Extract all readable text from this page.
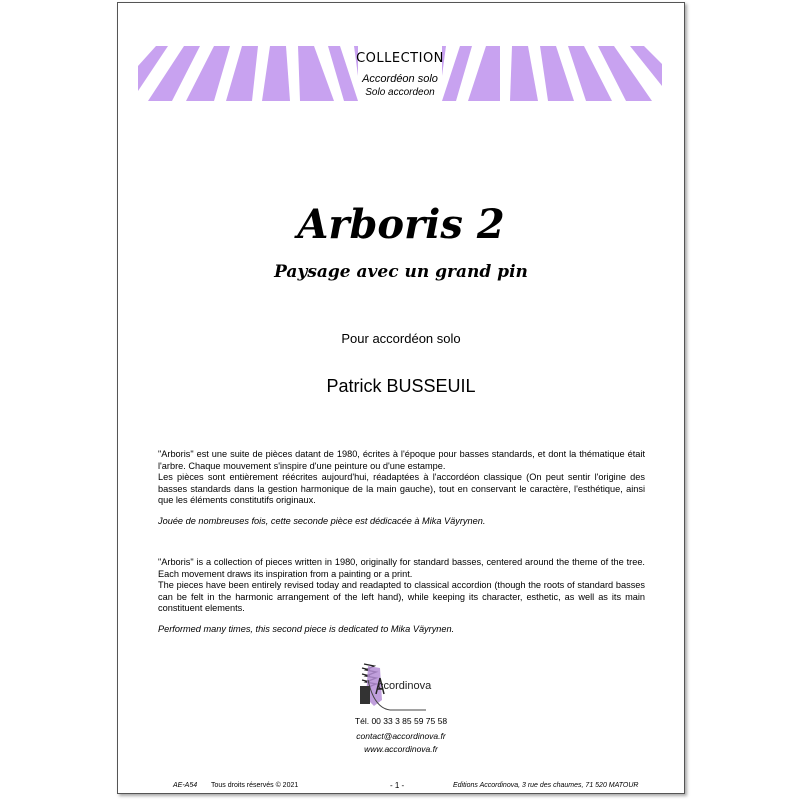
COLLECTION
Accordéon solo
Solo accordeon
Arboris 2
Paysage avec un grand pin
Pour accordéon solo
Patrick BUSSEUIL

"Arboris" est une suite de pièces datant de 1980, écrites à l'époque pour basses standards, et dont la thématique était l'arbre. Chaque mouvement s'inspire d'une peinture ou d'une estampe.

Les pièces sont entièrement réécrites aujourd'hui, réadaptées à l'accordéon classique (On peut sentir l'origine des basses standards dans la gestion harmonique de la main gauche), tout en conservant le caractère, l'esthétique, ainsi que les éléments constitutifs originaux.

Jouée de nombreuses fois, cette seconde pièce est dédicacée à Mika Väyrynen.

"Arboris" is a collection of pieces written in 1980, originally for standard basses, centered around the theme of the tree. Each movement draws its inspiration from a painting or a print.

The pieces have been entirely revised today and readapted to classical accordion (though the roots of standard basses can be felt in the harmonic arrangement of the left hand), while keeping its character, esthetic, as well as its main constituent elements.

Performed many times, this second piece is dedicated to Mika Väyrynen.

ccordinova
Tél. 00 33 3 85 59 75 58
contact@accordinova.fr
www.accordinova.fr
AE-A54 Tous droits réservés © 2021	- 1 -	Editions Accordinova, 3 rue des chaumes, 71 520 MATOUR
